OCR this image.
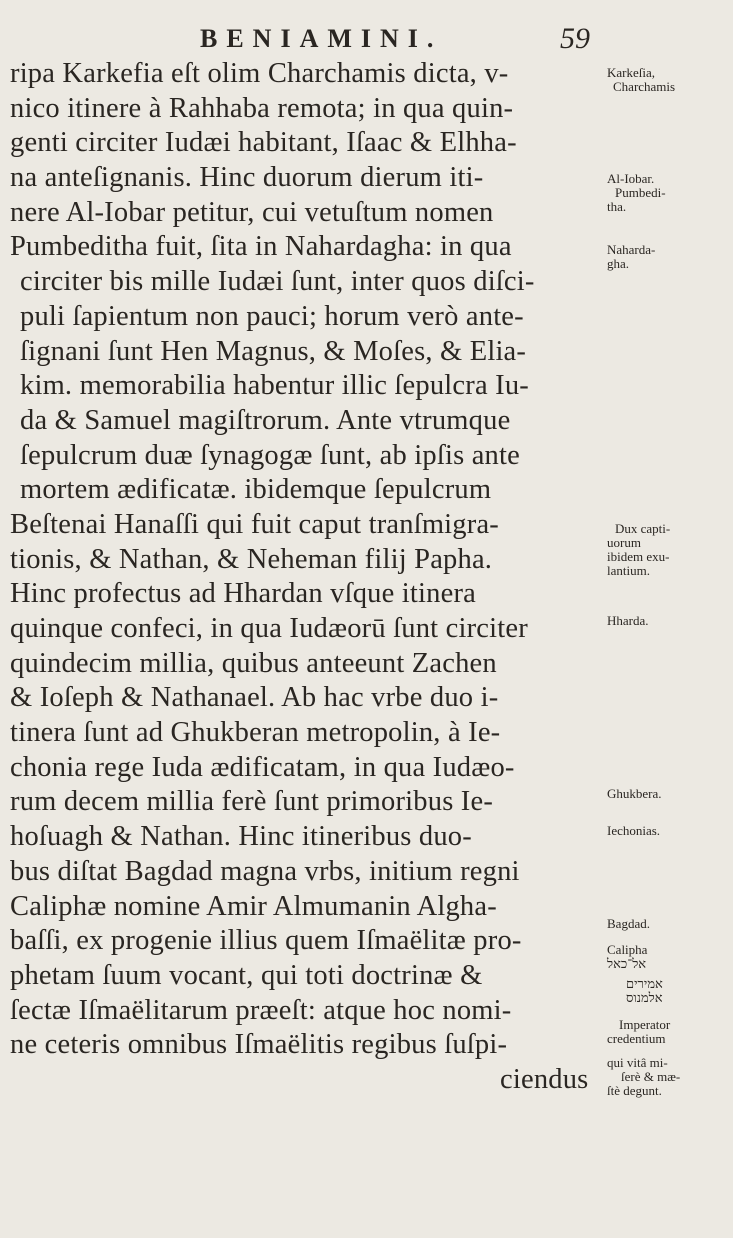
BENIAMINI.	59
ripa Karkefia eſt olim Charchamis dicta, v-
nico itinere à Rahhaba remota; in qua quin-
genti circiter Iudæi habitant, Iſaac & Elhha-
na anteſignanis. Hinc duorum dierum iti-
nere Al-Iobar petitur, cui vetuſtum nomen
Pumbeditha fuit, ſita in Nahardagha: in qua
circiter bis mille Iudæi ſunt, inter quos diſci-
puli ſapientum non pauci; horum verò ante-
ſignani ſunt Hen Magnus, & Moſes, & Elia-
kim. memorabilia habentur illic ſepulcra Iu-
da & Samuel magiſtrorum. Ante vtrumque
ſepulcrum duæ ſynagogæ ſunt, ab ipſis ante
mortem ædificatæ. ibidemque ſepulcrum
Beſtenai Hanaſſi qui fuit caput tranſmigra-
tionis, & Nathan, & Neheman filij Papha.
Hinc profectus ad Hhardan vſque itinera
quinque confeci, in qua Iudæorū ſunt circiter
quindecim millia, quibus anteeunt Zachen
& Ioſeph & Nathanael. Ab hac vrbe duo i-
tinera ſunt ad Ghukberan metropolin, à Ie-
chonia rege Iuda ædificatam, in qua Iudæo-
rum decem millia ferè ſunt primoribus Ie-
hoſuagh & Nathan. Hinc itineribus duo-
bus diſtat Bagdad magna vrbs, initium regni
Caliphæ nomine Amir Almumanin Algha-
baſſi, ex progenie illius quem Iſmaëlitæ pro-
phetam ſuum vocant, qui toti doctrinæ &
ſectæ Iſmaëlitarum præeſt: atque hoc nomi-
ne ceteris omnibus Iſmaëlitis regibus ſuſpi-
ciendus
Karkeſia,
Charchamis
Al-Iobar.
Pumbedi-
tha.
Naharda-
gha.
Dux capti-
uorum
ibidem exu-
lantium.
Hharda.
Ghukbera.
Iechonias.
Bagdad.
Calipha
אל־כאל
אמירים
אלמנוס
Imperator
credentium
qui vitâ mi-
ſerè & mæ-
ſtè degunt.
